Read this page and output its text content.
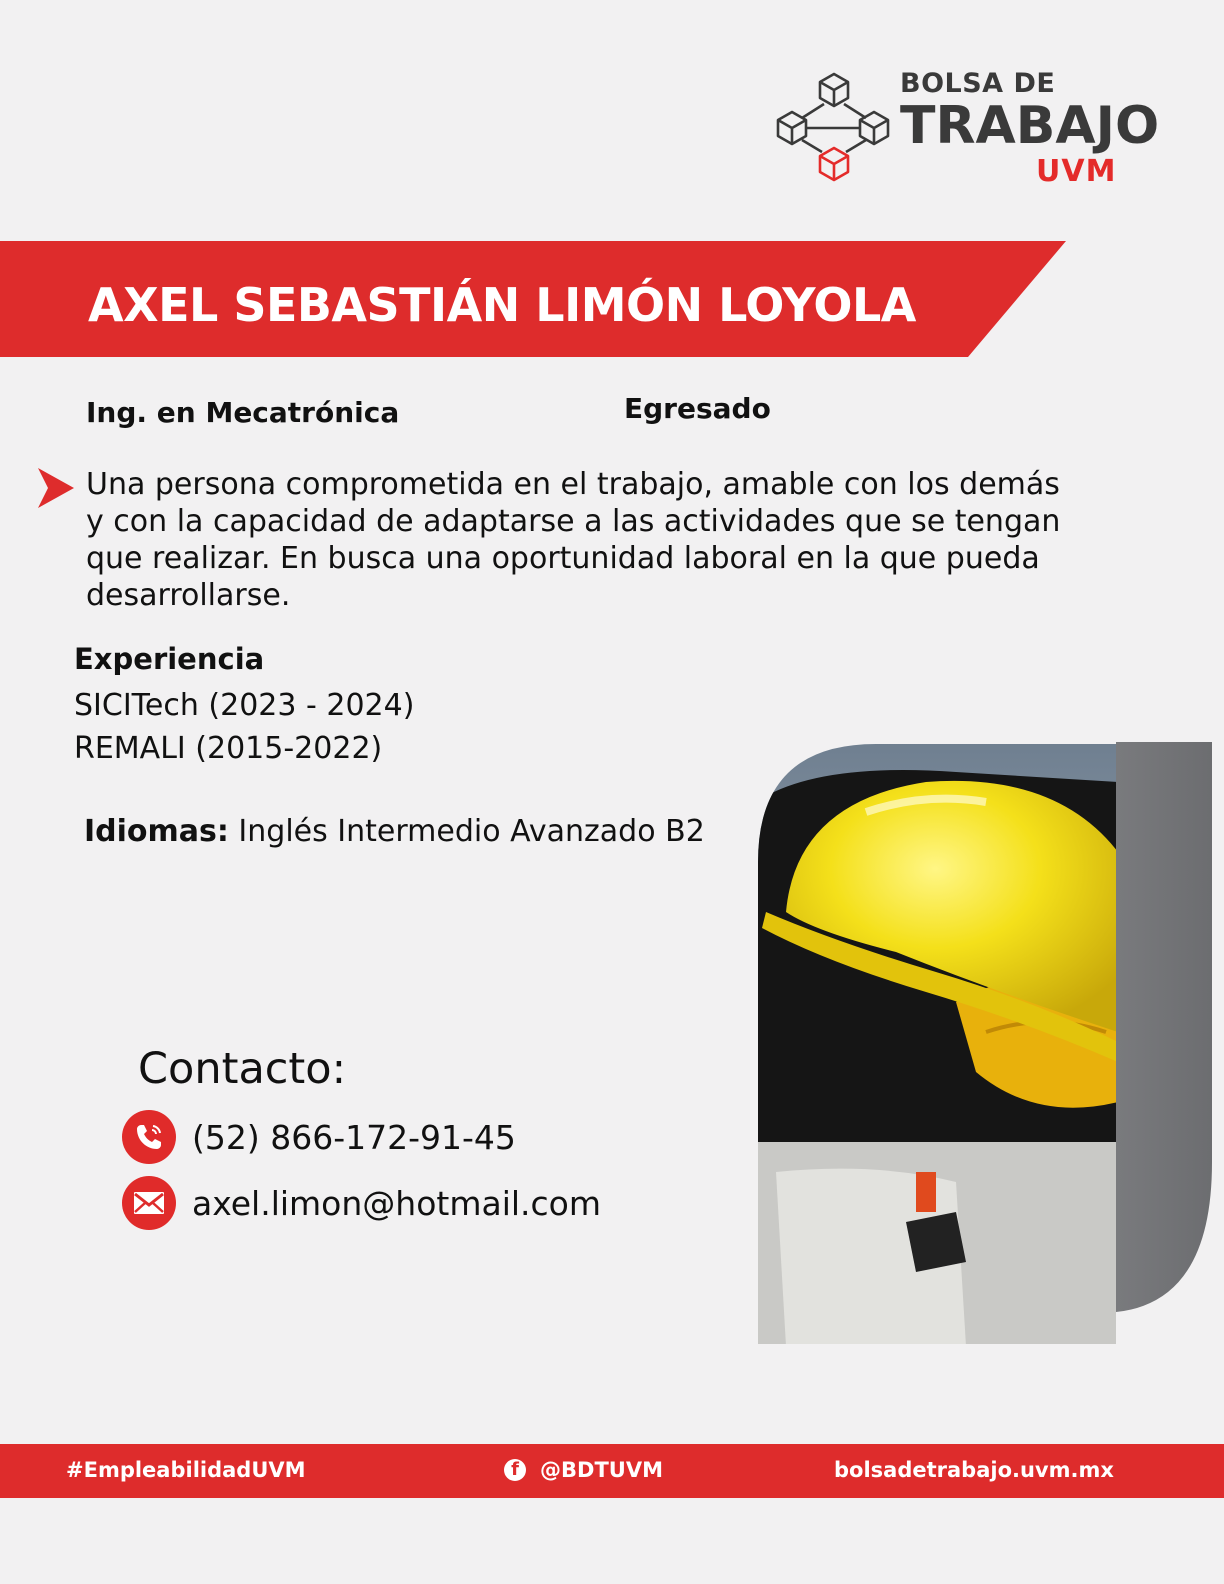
BOLSA DE
TRABAJO
UVM
AXEL SEBASTIÁN LIMÓN LOYOLA
Ing. en Mecatrónica	Egresado
Una persona comprometida en el trabajo, amable con los demás y con la capacidad de adaptarse a las actividades que se tengan que realizar. En busca una oportunidad laboral en la que pueda desarrollarse.
Experiencia
SICITech (2023 - 2024)
REMALI (2015-2022)
Idiomas: Inglés Intermedio Avanzado B2
Contacto:
(52) 866-172-91-45
axel.limon@hotmail.com
#EmpleabilidadUVM	f	@BDTUVM	bolsadetrabajo.uvm.mx
